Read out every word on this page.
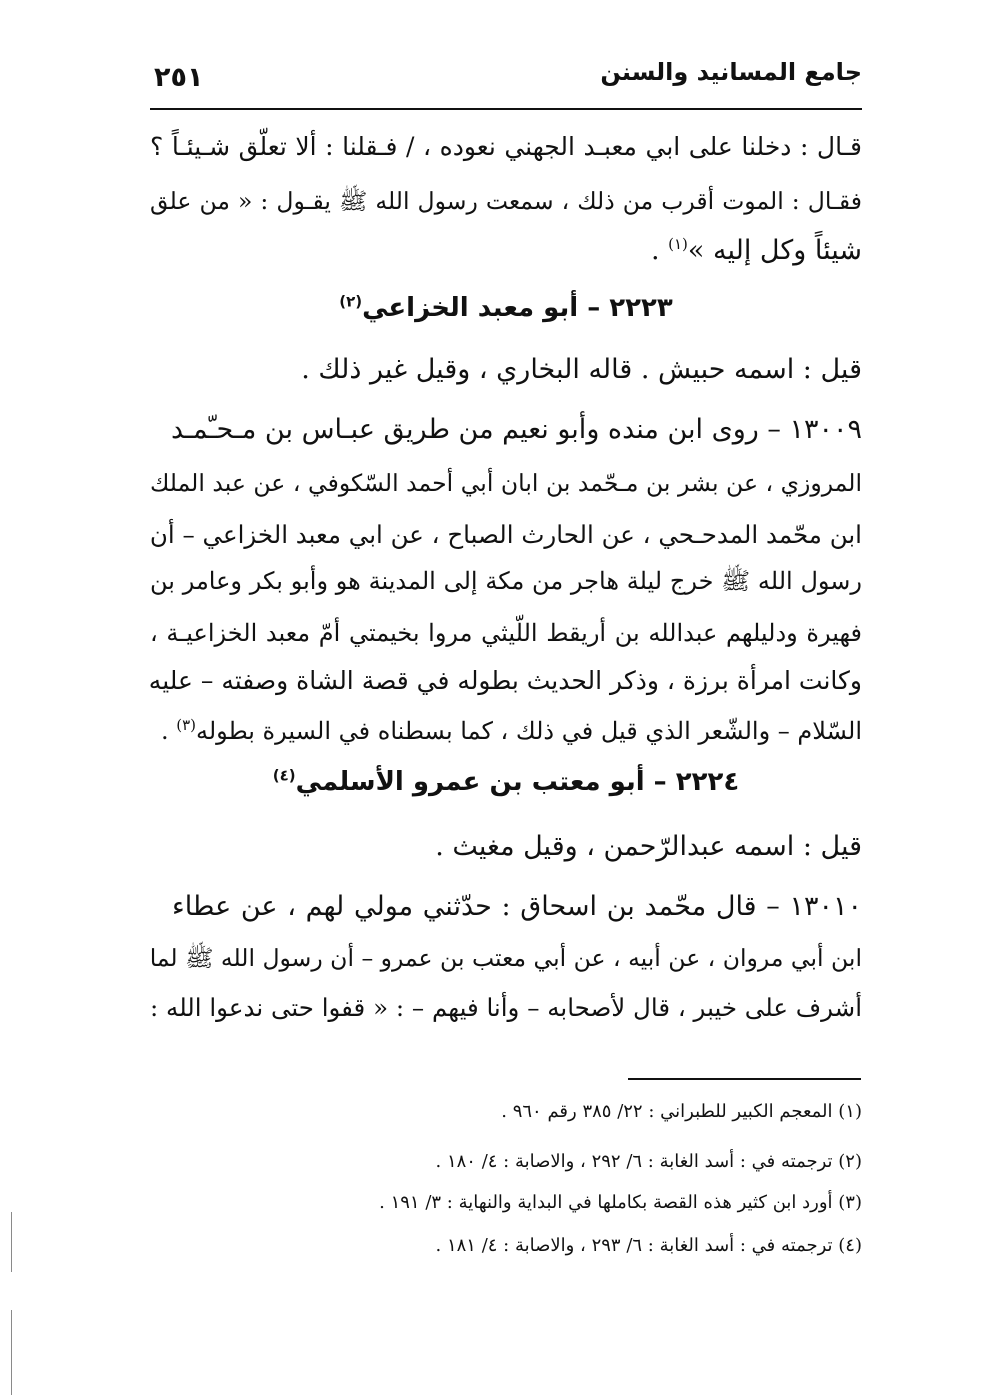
٢٥١	جامع المسانيد والسنن
قـال : دخلنا على ابي معبـد الجهني نعوده ، / فـقلنا : ألا تعلّق شـيئـاً ؟
فقـال : الموت أقرب من ذلك ، سمعت رسول الله ﷺ يقـول : « من علق
شيئاً وكل إليه »$^{(١)}$ .
٢٢٢٣ – أبو معبد الخزاعي$^{(٢)}$
قيل : اسمه حبيش . قاله البخاري ، وقيل غير ذلك .
١٣٠٠٩ – روى ابن منده وأبو نعيم من طريق عبـاس بن مـحـّمـد
المروزي ، عن بشر بن مـحّمد بن ابان أبي أحمد السّكوفي ، عن عبد الملك
ابن محّمد المدحـحي ، عن الحارث الصباح ، عن ابي معبد الخزاعي – أن
رسول الله ﷺ خرج ليلة هاجر من مكة إلى المدينة هو وأبو بكر وعامر بن
فهيرة ودليلهم عبدالله بن أريقط اللّيثي مروا بخيمتي أمّ معبد الخزاعيـة ،
وكانت امرأة برزة ، وذكر الحديث بطوله في قصة الشاة وصفته – عليه
السّلام – والشّعر الذي قيل في ذلك ، كما بسطناه في السيرة بطوله$^{(٣)}$ .
٢٢٢٤ – أبو معتب بن عمرو الأسلمي$^{(٤)}$
قيل : اسمه عبدالرّحمن ، وقيل مغيث .
١٣٠١٠ – قال محّمد بن اسحاق : حدّثني مولي لهم ، عن عطاء
ابن أبي مروان ، عن أبيه ، عن أبي معتب بن عمرو – أن رسول الله ﷺ لما
أشرف على خيبر ، قال لأصحابه – وأنا فيهم – : « قفوا حتى ندعوا الله :
(١) المعجم الكبير للطبراني : ٢٢/ ٣٨٥ رقم ٩٦٠ .
(٢) ترجمته في : أسد الغابة : ٦/ ٢٩٢ ، والاصابة : ٤/ ١٨٠ .
(٣) أورد ابن كثير هذه القصة بكاملها في البداية والنهاية : ٣/ ١٩١ .
(٤) ترجمته في : أسد الغابة : ٦/ ٢٩٣ ، والاصابة : ٤/ ١٨١ .
